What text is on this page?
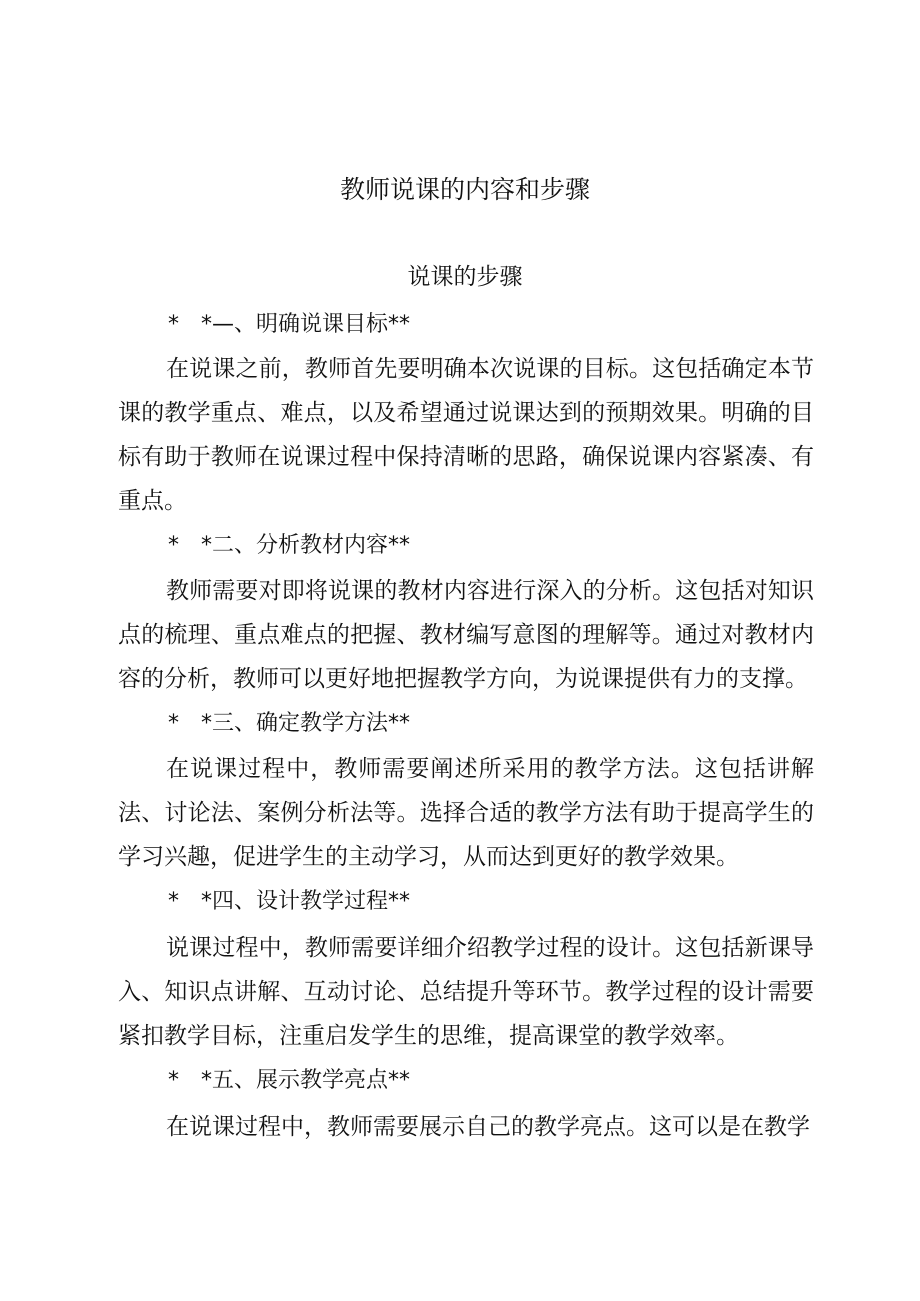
教师说课的内容和步骤
说课的步骤
*　*—、明确说课目标**

在说课之前，教师首先要明确本次说课的目标。这包括确定本节课的教学重点、难点，以及希望通过说课达到的预期效果。明确的目标有助于教师在说课过程中保持清晰的思路，确保说课内容紧凑、有重点。

*　*二、分析教材内容**

教师需要对即将说课的教材内容进行深入的分析。这包括对知识点的梳理、重点难点的把握、教材编写意图的理解等。通过对教材内容的分析，教师可以更好地把握教学方向，为说课提供有力的支撑。

*　*三、确定教学方法**

在说课过程中，教师需要阐述所采用的教学方法。这包括讲解法、讨论法、案例分析法等。选择合适的教学方法有助于提高学生的学习兴趣，促进学生的主动学习，从而达到更好的教学效果。

*　*四、设计教学过程**

说课过程中，教师需要详细介绍教学过程的设计。这包括新课导入、知识点讲解、互动讨论、总结提升等环节。教学过程的设计需要紧扣教学目标，注重启发学生的思维，提高课堂的教学效率。

*　*五、展示教学亮点**

在说课过程中，教师需要展示自己的教学亮点。这可以是在教学
